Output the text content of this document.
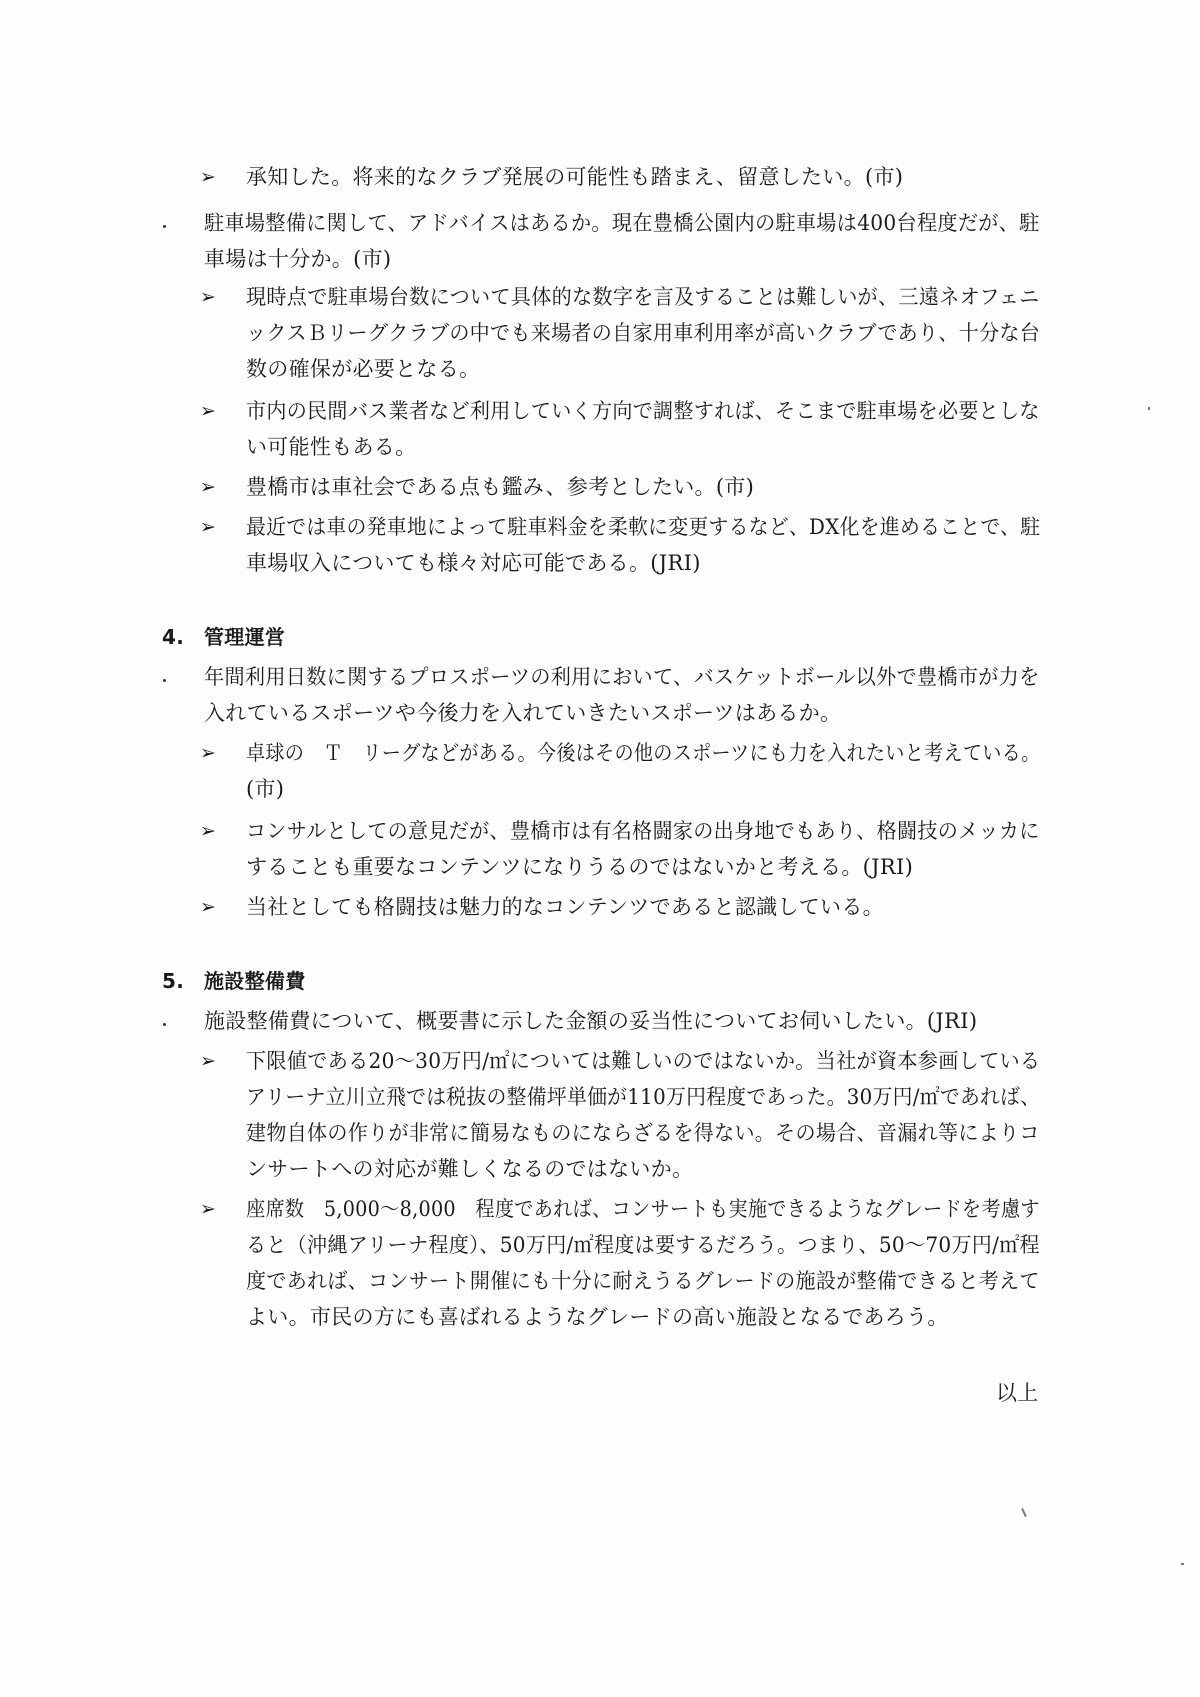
➢ 承知した。将来的なクラブ発展の可能性も踏まえ、留意したい。(市)
駐車場整備に関して、アドバイスはあるか。現在豊橋公園内の駐車場は400台程度だが、駐
車場は十分か。(市)
➢ 現時点で駐車場台数について具体的な数字を言及することは難しいが、三遠ネオフェニ
ックスＢリーグクラブの中でも来場者の自家用車利用率が高いクラブであり、十分な台
数の確保が必要となる。
➢ 市内の民間バス業者など利用していく方向で調整すれば、そこまで駐車場を必要としな
い可能性もある。
➢ 豊橋市は車社会である点も鑑み、参考としたい。(市)
➢ 最近では車の発車地によって駐車料金を柔軟に変更するなど、DX化を進めることで、駐
車場収入についても様々対応可能である。(JRI)
4. 管理運営
年間利用日数に関するプロスポーツの利用において、バスケットボール以外で豊橋市が力を
入れているスポーツや今後力を入れていきたいスポーツはあるか。
➢ 卓球の　Ｔ　リーグなどがある。今後はその他のスポーツにも力を入れたいと考えている。
(市)
➢ コンサルとしての意見だが、豊橋市は有名格闘家の出身地でもあり、格闘技のメッカに
することも重要なコンテンツになりうるのではないかと考える。(JRI)
➢ 当社としても格闘技は魅力的なコンテンツであると認識している。
5. 施設整備費
施設整備費について、概要書に示した金額の妥当性についてお伺いしたい。(JRI)
➢ 下限値である20～30万円/㎡については難しいのではないか。当社が資本参画している
アリーナ立川立飛では税抜の整備坪単価が110万円程度であった。30万円/㎡であれば、
建物自体の作りが非常に簡易なものにならざるを得ない。その場合、音漏れ等によりコ
ンサートへの対応が難しくなるのではないか。
➢ 座席数　5,000～8,000　程度であれば、コンサートも実施できるようなグレードを考慮す
ると（沖縄アリーナ程度）、50万円/㎡程度は要するだろう。つまり、50～70万円/㎡程
度であれば、コンサート開催にも十分に耐えうるグレードの施設が整備できると考えて
よい。市民の方にも喜ばれるようなグレードの高い施設となるであろう。
以上
